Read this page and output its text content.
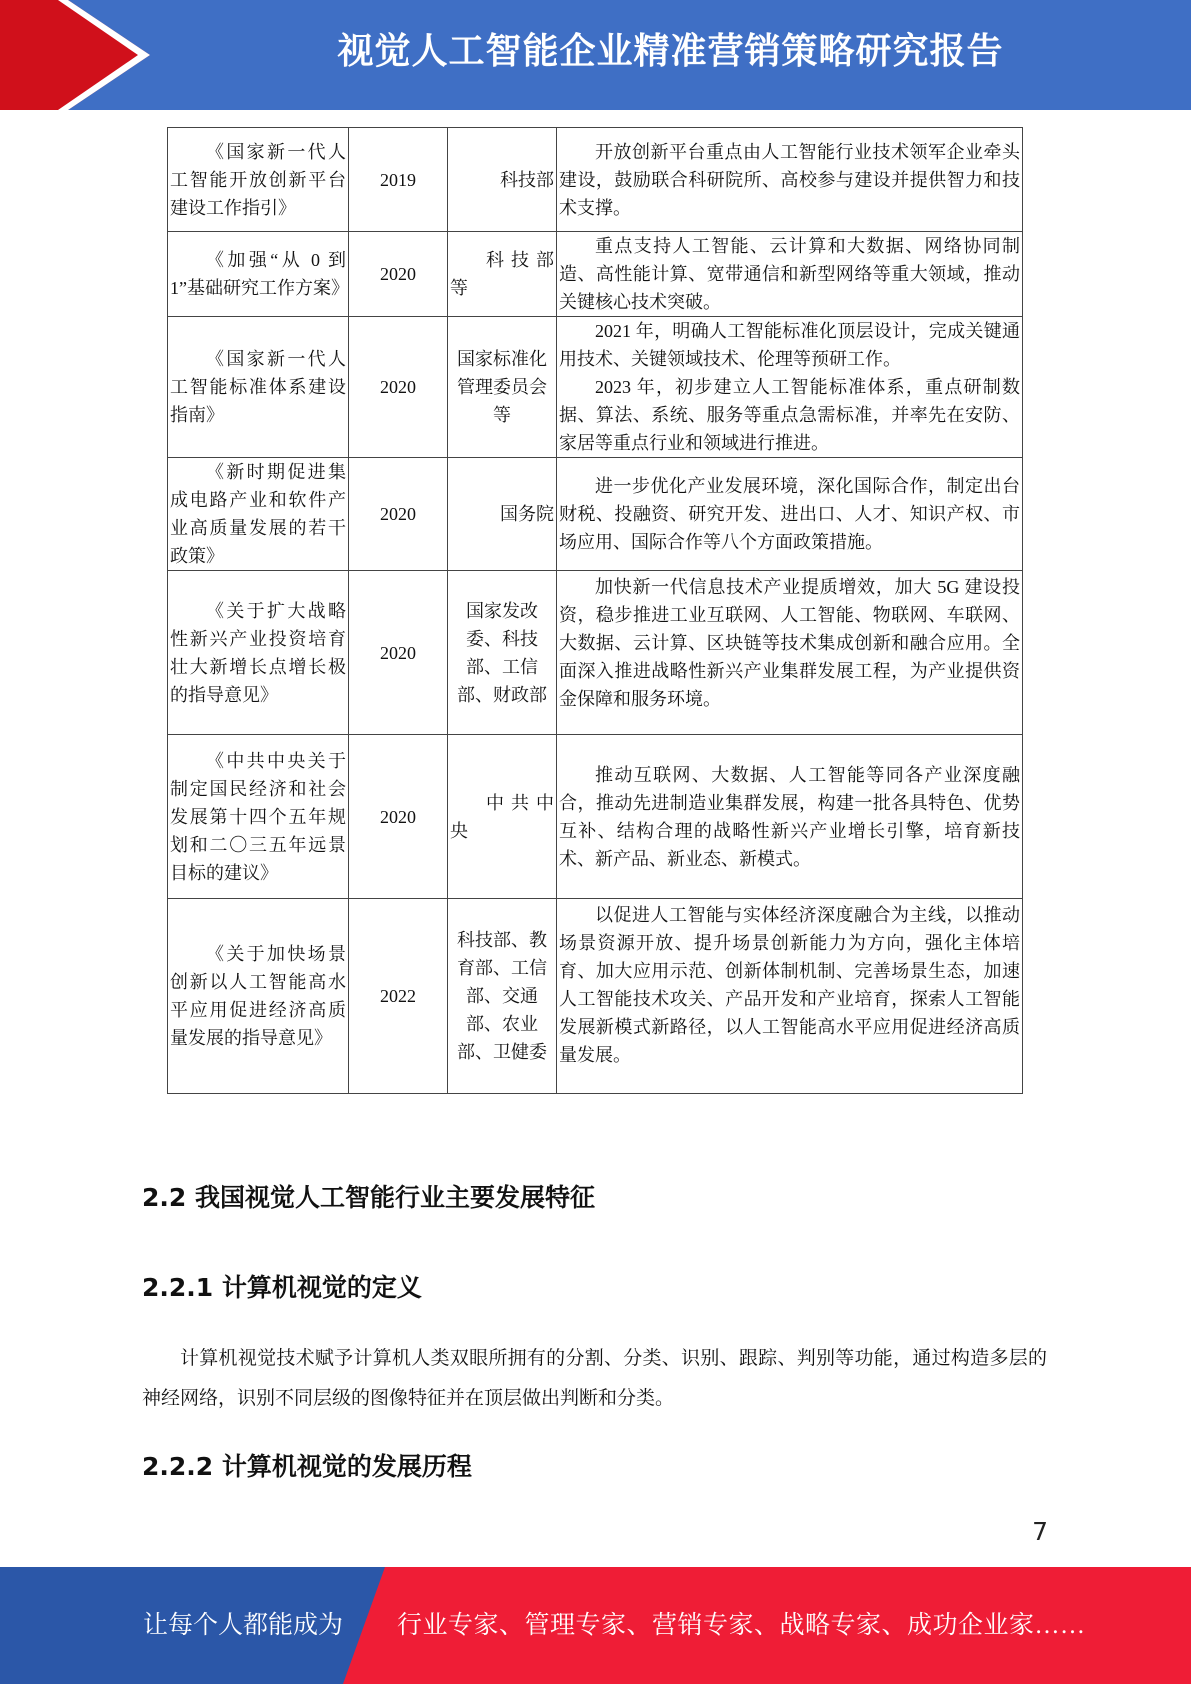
视觉人工智能企业精准营销策略研究报告
《国家新一代人工智能开放创新平台建设工作指引》	2019	科技部	开放创新平台重点由人工智能行业技术领军企业牵头建设，鼓励联合科研院所、高校参与建设并提供智力和技术支撑。
《加强“从 0 到 1”基础研究工作方案》	2020	科技部等	重点支持人工智能、云计算和大数据、网络协同制造、高性能计算、宽带通信和新型网络等重大领域，推动关键核心技术突破。
《国家新一代人工智能标准体系建设指南》	2020	国家标准化管理委员会等	2021 年，明确人工智能标准化顶层设计，完成关键通用技术、关键领域技术、伦理等预研工作。

2023 年，初步建立人工智能标准体系，重点研制数据、算法、系统、服务等重点急需标准，并率先在安防、家居等重点行业和领域进行推进。

《新时期促进集成电路产业和软件产业高质量发展的若干政策》	2020	国务院	进一步优化产业发展环境，深化国际合作，制定出台财税、投融资、研究开发、进出口、人才、知识产权、市场应用、国际合作等八个方面政策措施。
《关于扩大战略性新兴产业投资培育壮大新增长点增长极的指导意见》	2020	国家发改委、科技部、工信部、财政部	加快新一代信息技术产业提质增效，加大 5G 建设投资，稳步推进工业互联网、人工智能、物联网、车联网、大数据、云计算、区块链等技术集成创新和融合应用。全面深入推进战略性新兴产业集群发展工程，为产业提供资金保障和服务环境。
《中共中央关于制定国民经济和社会发展第十四个五年规划和二〇三五年远景目标的建议》	2020	中共中央	推动互联网、大数据、人工智能等同各产业深度融合，推动先进制造业集群发展，构建一批各具特色、优势互补、结构合理的战略性新兴产业增长引擎，培育新技术、新产品、新业态、新模式。
《关于加快场景创新以人工智能高水平应用促进经济高质量发展的指导意见》	2022	科技部、教育部、工信部、交通部、农业部、卫健委	以促进人工智能与实体经济深度融合为主线，以推动场景资源开放、提升场景创新能力为方向，强化主体培育、加大应用示范、创新体制机制、完善场景生态，加速人工智能技术攻关、产品开发和产业培育，探索人工智能发展新模式新路径，以人工智能高水平应用促进经济高质量发展。
2.2 我国视觉人工智能行业主要发展特征
2.2.1 计算机视觉的定义
计算机视觉技术赋予计算机人类双眼所拥有的分割、分类、识别、跟踪、判别等功能，通过构造多层的神经网络，识别不同层级的图像特征并在顶层做出判断和分类。
2.2.2 计算机视觉的发展历程
7
让每个人都能成为 行业专家、管理专家、营销专家、战略专家、成功企业家……
